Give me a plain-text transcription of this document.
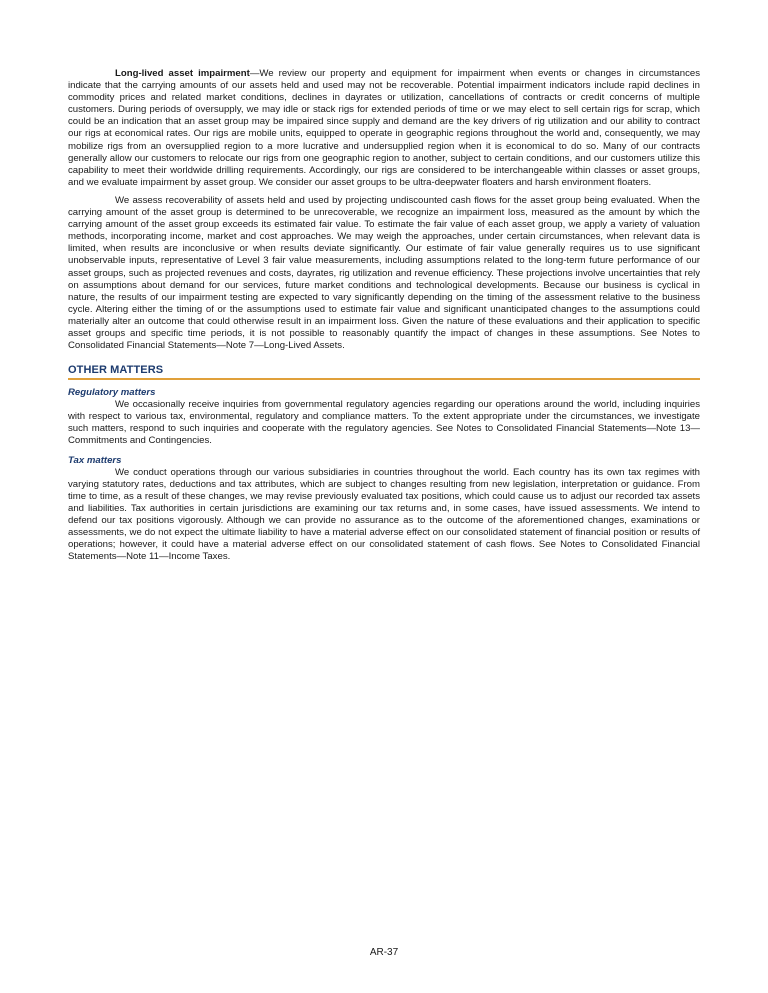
Long-lived asset impairment—We review our property and equipment for impairment when events or changes in circumstances indicate that the carrying amounts of our assets held and used may not be recoverable. Potential impairment indicators include rapid declines in commodity prices and related market conditions, declines in dayrates or utilization, cancellations of contracts or credit concerns of multiple customers. During periods of oversupply, we may idle or stack rigs for extended periods of time or we may elect to sell certain rigs for scrap, which could be an indication that an asset group may be impaired since supply and demand are the key drivers of rig utilization and our ability to contract our rigs at economical rates. Our rigs are mobile units, equipped to operate in geographic regions throughout the world and, consequently, we may mobilize rigs from an oversupplied region to a more lucrative and undersupplied region when it is economical to do so. Many of our contracts generally allow our customers to relocate our rigs from one geographic region to another, subject to certain conditions, and our customers utilize this capability to meet their worldwide drilling requirements. Accordingly, our rigs are considered to be interchangeable within classes or asset groups, and we evaluate impairment by asset group. We consider our asset groups to be ultra-deepwater floaters and harsh environment floaters.

We assess recoverability of assets held and used by projecting undiscounted cash flows for the asset group being evaluated. When the carrying amount of the asset group is determined to be unrecoverable, we recognize an impairment loss, measured as the amount by which the carrying amount of the asset group exceeds its estimated fair value. To estimate the fair value of each asset group, we apply a variety of valuation methods, incorporating income, market and cost approaches. We may weigh the approaches, under certain circumstances, when relevant data is limited, when results are inconclusive or when results deviate significantly. Our estimate of fair value generally requires us to use significant unobservable inputs, representative of Level 3 fair value measurements, including assumptions related to the long-term future performance of our asset groups, such as projected revenues and costs, dayrates, rig utilization and revenue efficiency. These projections involve uncertainties that rely on assumptions about demand for our services, future market conditions and technological developments. Because our business is cyclical in nature, the results of our impairment testing are expected to vary significantly depending on the timing of the assessment relative to the business cycle. Altering either the timing of or the assumptions used to estimate fair value and significant unanticipated changes to the assumptions could materially alter an outcome that could otherwise result in an impairment loss. Given the nature of these evaluations and their application to specific asset groups and specific time periods, it is not possible to reasonably quantify the impact of changes in these assumptions. See Notes to Consolidated Financial Statements—Note 7—Long-Lived Assets.

OTHER MATTERS
Regulatory matters

We occasionally receive inquiries from governmental regulatory agencies regarding our operations around the world, including inquiries with respect to various tax, environmental, regulatory and compliance matters. To the extent appropriate under the circumstances, we investigate such matters, respond to such inquiries and cooperate with the regulatory agencies. See Notes to Consolidated Financial Statements—Note 13—Commitments and Contingencies.

Tax matters

We conduct operations through our various subsidiaries in countries throughout the world. Each country has its own tax regimes with varying statutory rates, deductions and tax attributes, which are subject to changes resulting from new legislation, interpretation or guidance. From time to time, as a result of these changes, we may revise previously evaluated tax positions, which could cause us to adjust our recorded tax assets and liabilities. Tax authorities in certain jurisdictions are examining our tax returns and, in some cases, have issued assessments. We intend to defend our tax positions vigorously. Although we can provide no assurance as to the outcome of the aforementioned changes, examinations or assessments, we do not expect the ultimate liability to have a material adverse effect on our consolidated statement of financial position or results of operations; however, it could have a material adverse effect on our consolidated statement of cash flows. See Notes to Consolidated Financial Statements—Note 11—Income Taxes.

AR-37
